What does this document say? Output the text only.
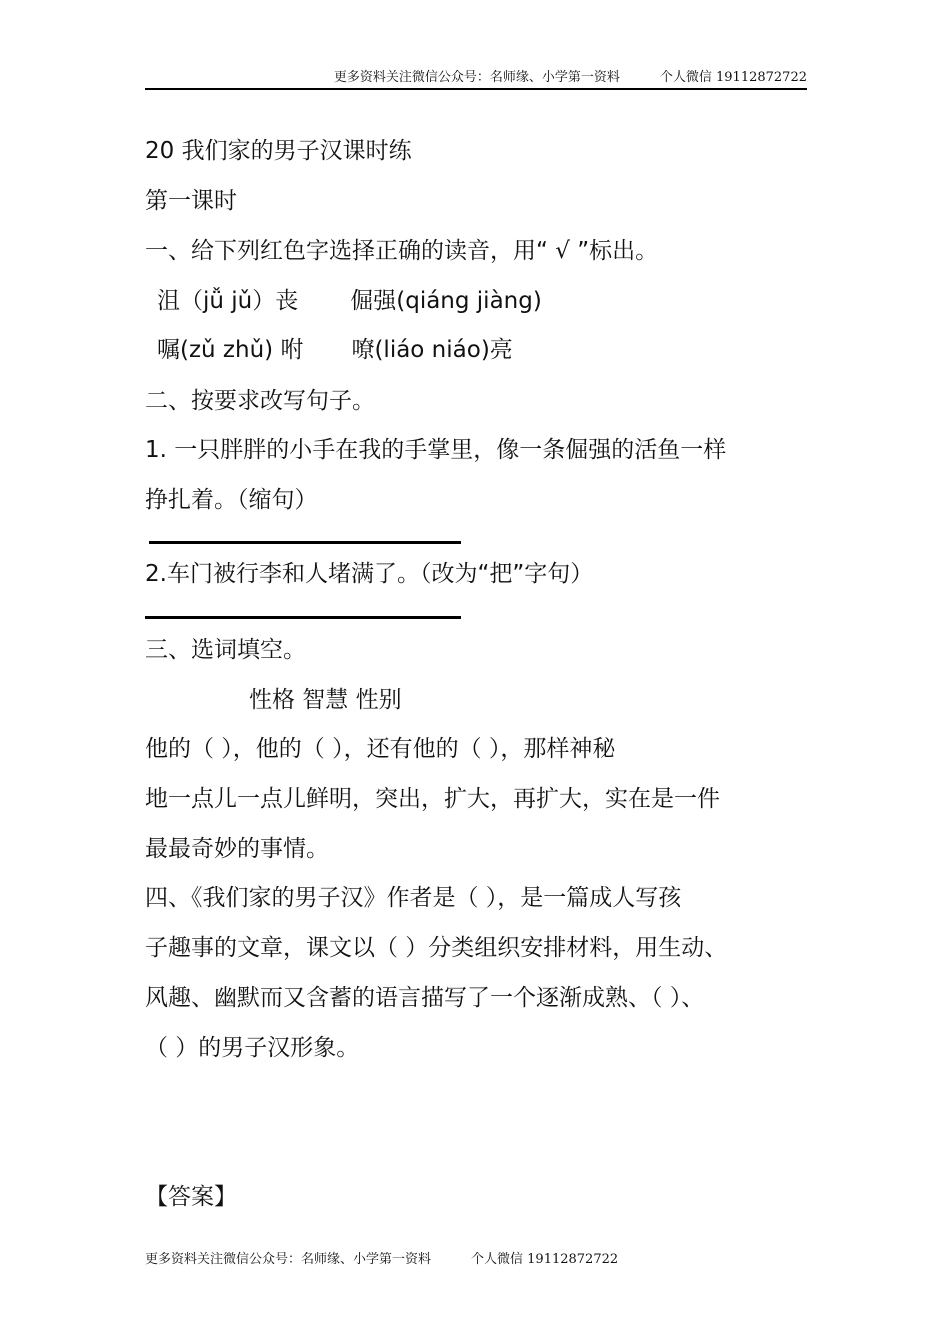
更多资料关注微信公众号：名师缘、小学第一资料	个人微信 19112872722
20 我们家的男子汉课时练
第一课时
一、给下列红色字选择正确的读音，用“ √ ”标出。
沮（jǚ jǔ）丧 倔强(qiáng jiàng)
嘱(zǔ zhǔ) 咐 嘹(liáo niáo)亮
二、按要求改写句子。
1. 一只胖胖的小手在我的手掌里，像一条倔强的活鱼一样
挣扎着。（缩句）
2.车门被行李和人堵满了。（改为“把”字句）
三、选词填空。
性格 智慧 性别
他的（ ），他的（ ），还有他的（ ），那样神秘
地一点儿一点儿鲜明，突出，扩大，再扩大，实在是一件
最最奇妙的事情。
四、《我们家的男子汉》作者是（ ），是一篇成人写孩
子趣事的文章，课文以（ ）分类组织安排材料，用生动、
风趣、幽默而又含蓄的语言描写了一个逐渐成熟、（ ）、
（ ）的男子汉形象。
【答案】
更多资料关注微信公众号：名师缘、小学第一资料	个人微信 19112872722
